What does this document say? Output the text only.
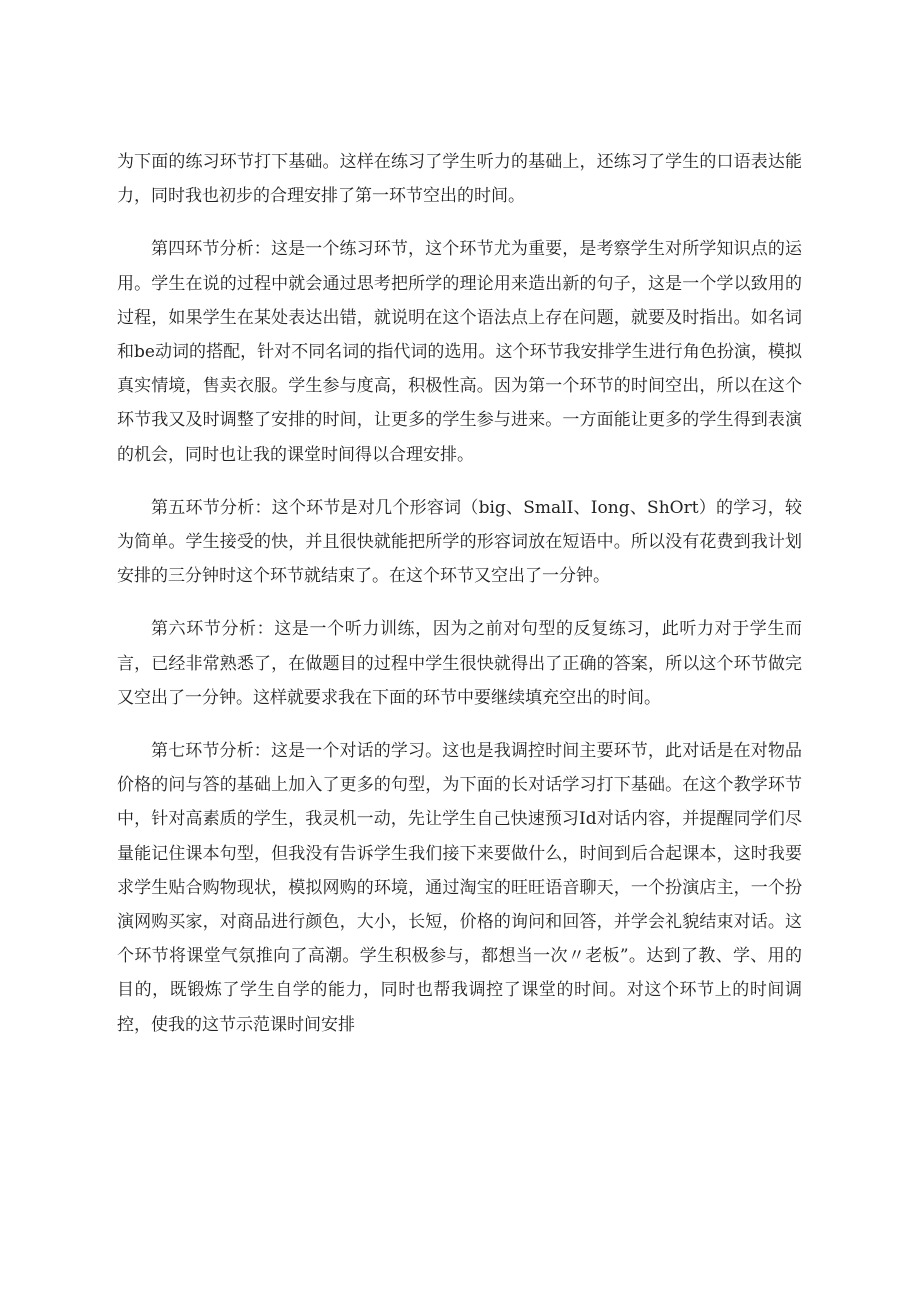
为下面的练习环节打下基础。这样在练习了学生听力的基础上，还练习了学生的口语表达能力，同时我也初步的合理安排了第一环节空出的时间。

第四环节分析：这是一个练习环节，这个环节尤为重要，是考察学生对所学知识点的运用。学生在说的过程中就会通过思考把所学的理论用来造出新的句子，这是一个学以致用的过程，如果学生在某处表达出错，就说明在这个语法点上存在问题，就要及时指出。如名词和be动词的搭配，针对不同名词的指代词的选用。这个环节我安排学生进行角色扮演，模拟真实情境，售卖衣服。学生参与度高，积极性高。因为第一个环节的时间空出，所以在这个环节我又及时调整了安排的时间，让更多的学生参与进来。一方面能让更多的学生得到表演的机会，同时也让我的课堂时间得以合理安排。

第五环节分析：这个环节是对几个形容词（big、SmalI、Iong、ShOrt）的学习，较为简单。学生接受的快，并且很快就能把所学的形容词放在短语中。所以没有花费到我计划安排的三分钟时这个环节就结束了。在这个环节又空出了一分钟。

第六环节分析：这是一个听力训练，因为之前对句型的反复练习，此听力对于学生而言，已经非常熟悉了，在做题目的过程中学生很快就得出了正确的答案，所以这个环节做完又空出了一分钟。这样就要求我在下面的环节中要继续填充空出的时间。

第七环节分析：这是一个对话的学习。这也是我调控时间主要环节，此对话是在对物品价格的问与答的基础上加入了更多的句型，为下面的长对话学习打下基础。在这个教学环节中，针对高素质的学生，我灵机一动，先让学生自己快速预习Id对话内容，并提醒同学们尽量能记住课本句型，但我没有告诉学生我们接下来要做什么，时间到后合起课本，这时我要求学生贴合购物现状，模拟网购的环境，通过淘宝的旺旺语音聊天，一个扮演店主，一个扮演网购买家，对商品进行颜色，大小，长短，价格的询问和回答，并学会礼貌结束对话。这个环节将课堂气氛推向了高潮。学生积极参与，都想当一次〃老板”。达到了教、学、用的目的，既锻炼了学生自学的能力，同时也帮我调控了课堂的时间。对这个环节上的时间调控，使我的这节示范课时间安排
